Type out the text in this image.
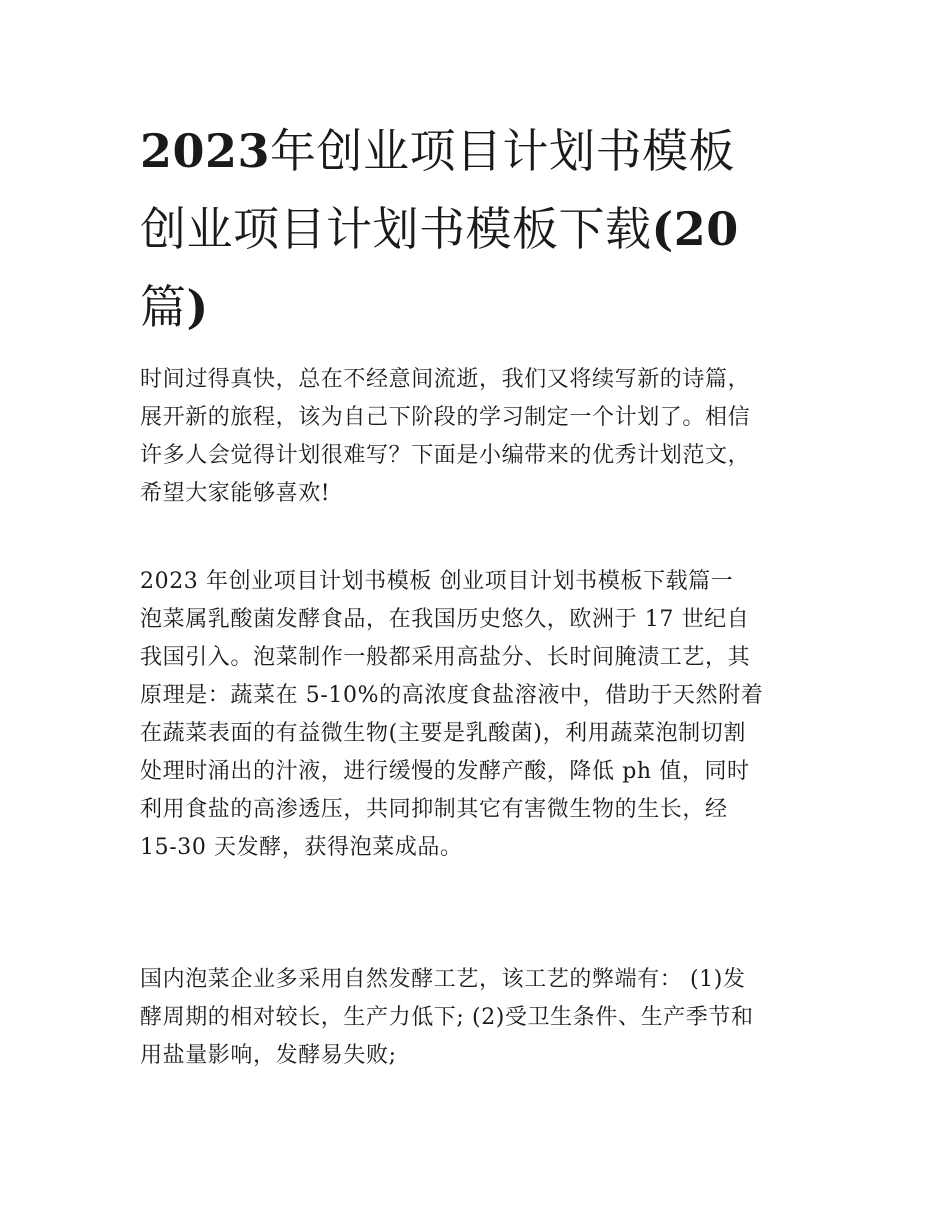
2023年创业项目计划书模板
创业项目计划书模板下载(20
篇)
时间过得真快，总在不经意间流逝，我们又将续写新的诗篇，
展开新的旅程，该为自己下阶段的学习制定一个计划了。相信
许多人会觉得计划很难写？下面是小编带来的优秀计划范文，
希望大家能够喜欢!
2023 年创业项目计划书模板 创业项目计划书模板下载篇一
泡菜属乳酸菌发酵食品，在我国历史悠久，欧洲于 17 世纪自
我国引入。泡菜制作一般都采用高盐分、长时间腌渍工艺，其
原理是：蔬菜在 5-10%的高浓度食盐溶液中，借助于天然附着
在蔬菜表面的有益微生物(主要是乳酸菌)，利用蔬菜泡制切割
处理时涌出的汁液，进行缓慢的发酵产酸，降低 ph 值，同时
利用食盐的高渗透压，共同抑制其它有害微生物的生长，经
15-30 天发酵，获得泡菜成品。
国内泡菜企业多采用自然发酵工艺，该工艺的弊端有： (1)发
酵周期的相对较长，生产力低下; (2)受卫生条件、生产季节和
用盐量影响，发酵易失败;
